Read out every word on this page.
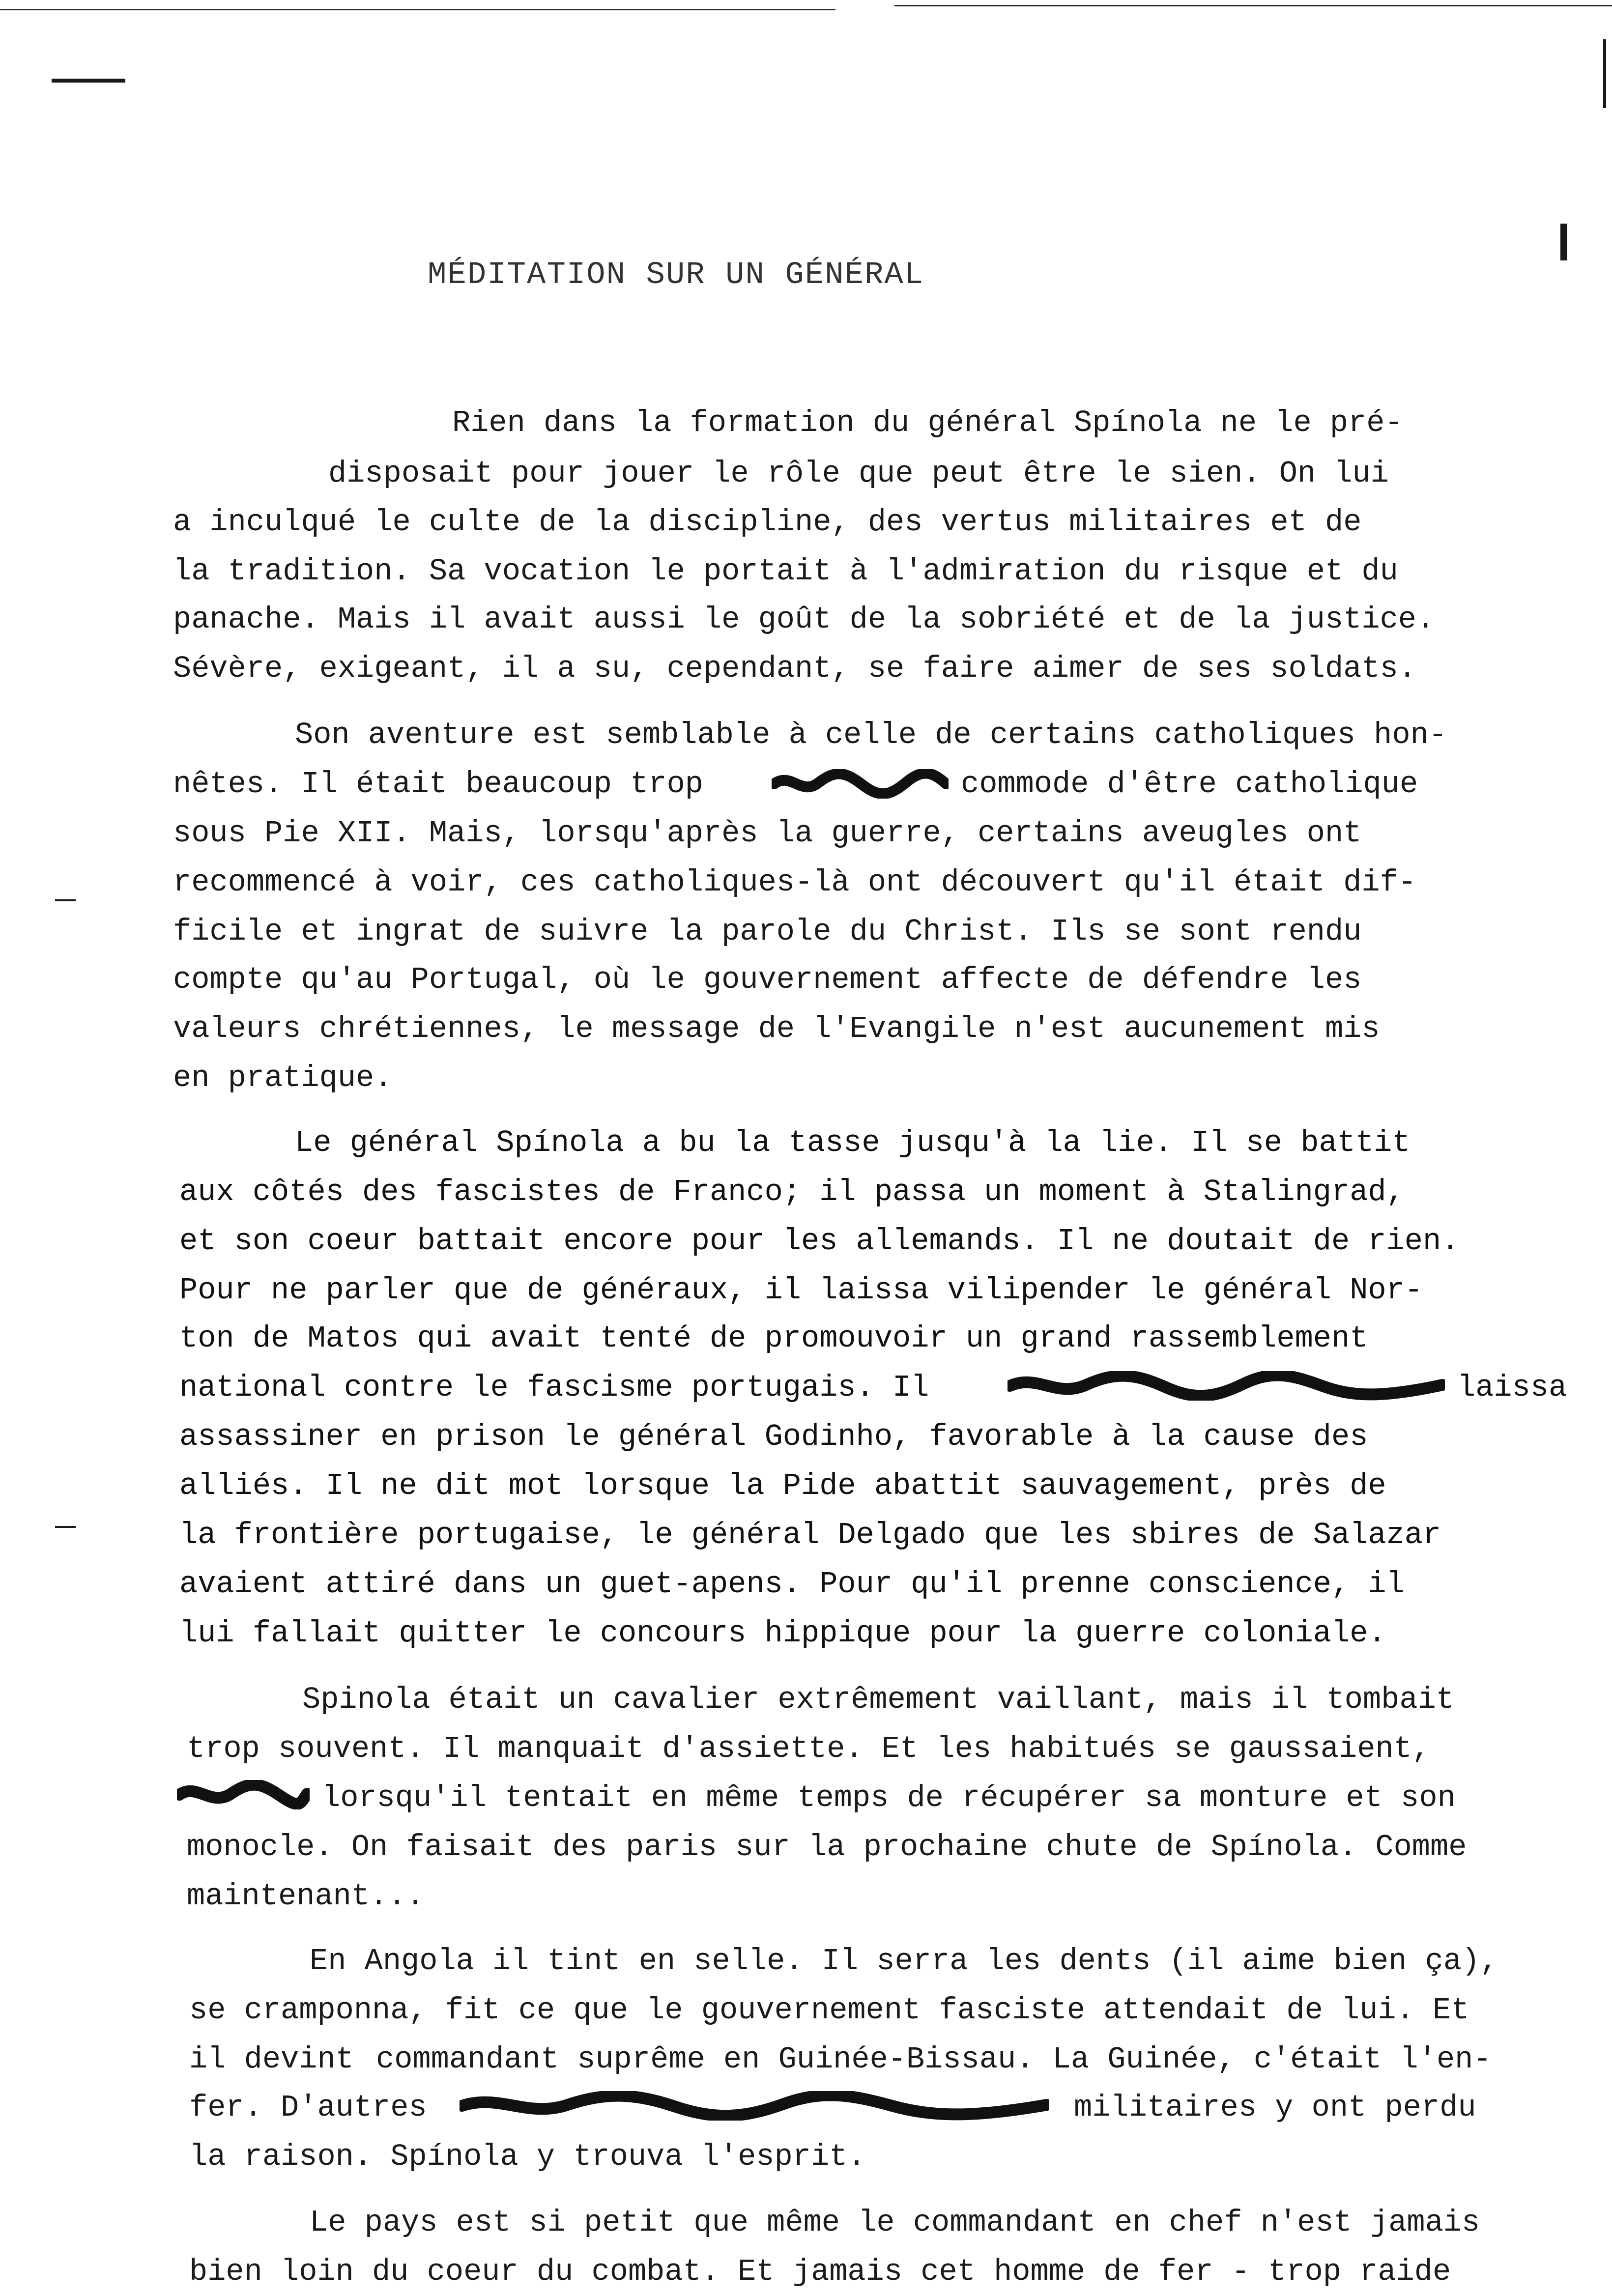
MÉDITATION SUR UN GÉNÉRAL
Rien dans la formation du général Spínola ne le pré-
disposait pour jouer le rôle que peut être le sien. On lui
a inculqué le culte de la discipline, des vertus militaires et de
la tradition. Sa vocation le portait à l'admiration du risque et du
panache. Mais il avait aussi le goût de la sobriété et de la justice.
Sévère, exigeant, il a su, cependant, se faire aimer de ses soldats.
Son aventure est semblable à celle de certains catholiques hon-
nêtes. Il était beaucoup trop	commode d'être catholique
sous Pie XII. Mais, lorsqu'après la guerre, certains aveugles ont
recommencé à voir, ces catholiques-là ont découvert qu'il était dif-
ficile et ingrat de suivre la parole du Christ. Ils se sont rendu
compte qu'au Portugal, où le gouvernement affecte de défendre les
valeurs chrétiennes, le message de l'Evangile n'est aucunement mis
en pratique.
Le général Spínola a bu la tasse jusqu'à la lie. Il se battit
aux côtés des fascistes de Franco; il passa un moment à Stalingrad,
et son coeur battait encore pour les allemands. Il ne doutait de rien.
Pour ne parler que de généraux, il laissa vilipender le général Nor-
ton de Matos qui avait tenté de promouvoir un grand rassemblement
national contre le fascisme portugais. Il	laissa
assassiner en prison le général Godinho, favorable à la cause des
alliés. Il ne dit mot lorsque la Pide abattit sauvagement, près de
la frontière portugaise, le général Delgado que les sbires de Salazar
avaient attiré dans un guet-apens. Pour qu'il prenne conscience, il
lui fallait quitter le concours hippique pour la guerre coloniale.
Spinola était un cavalier extrêmement vaillant, mais il tombait
trop souvent. Il manquait d'assiette. Et les habitués se gaussaient,
lorsqu'il tentait en même temps de récupérer sa monture et son
monocle. On faisait des paris sur la prochaine chute de Spínola. Comme
maintenant...
En Angola il tint en selle. Il serra les dents (il aime bien ça),
se cramponna, fit ce que le gouvernement fasciste attendait de lui. Et
il devint commandant suprême en Guinée-Bissau. La Guinée, c'était l'en-
fer. D'autres	militaires y ont perdu
la raison. Spínola y trouva l'esprit.
Le pays est si petit que même le commandant en chef n'est jamais
bien loin du coeur du combat. Et jamais cet homme de fer - trop raide
